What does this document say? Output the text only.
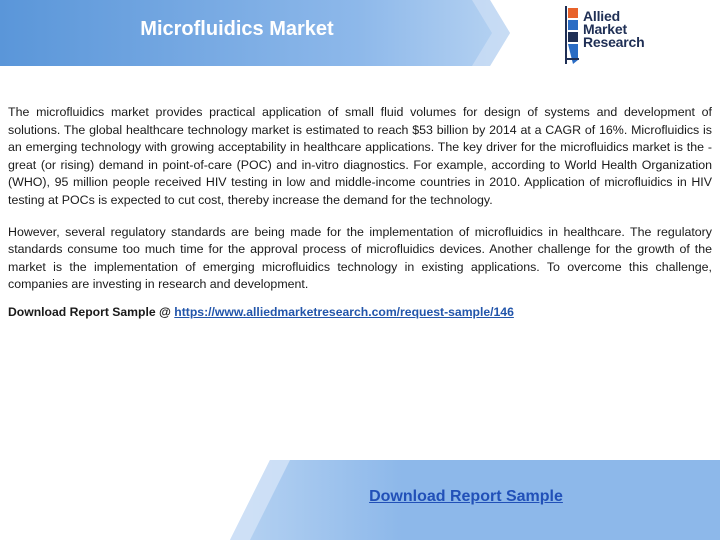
Microfluidics Market
Allied
Market
Research

The microfluidics market provides practical application of small fluid volumes for design of systems and development of solutions. The global healthcare technology market is estimated to reach $53 billion by 2014 at a CAGR of 16%. Microfluidics is an emerging technology with growing acceptability in healthcare applications. The key driver for the microfluidics market is the -great (or rising) demand in point-of-care (POC) and in-vitro diagnostics. For example, according to World Health Organization (WHO), 95 million people received HIV testing in low and middle-income countries in 2010. Application of microfluidics in HIV testing at POCs is expected to cut cost, thereby increase the demand for the technology.

However, several regulatory standards are being made for the implementation of microfluidics in healthcare. The regulatory standards consume too much time for the approval process of microfluidics devices. Another challenge for the growth of the market is the implementation of emerging microfluidics technology in existing applications. To overcome this challenge, companies are investing in research and development.

Download Report Sample @ https://www.alliedmarketresearch.com/request-sample/146
Download Report Sample
